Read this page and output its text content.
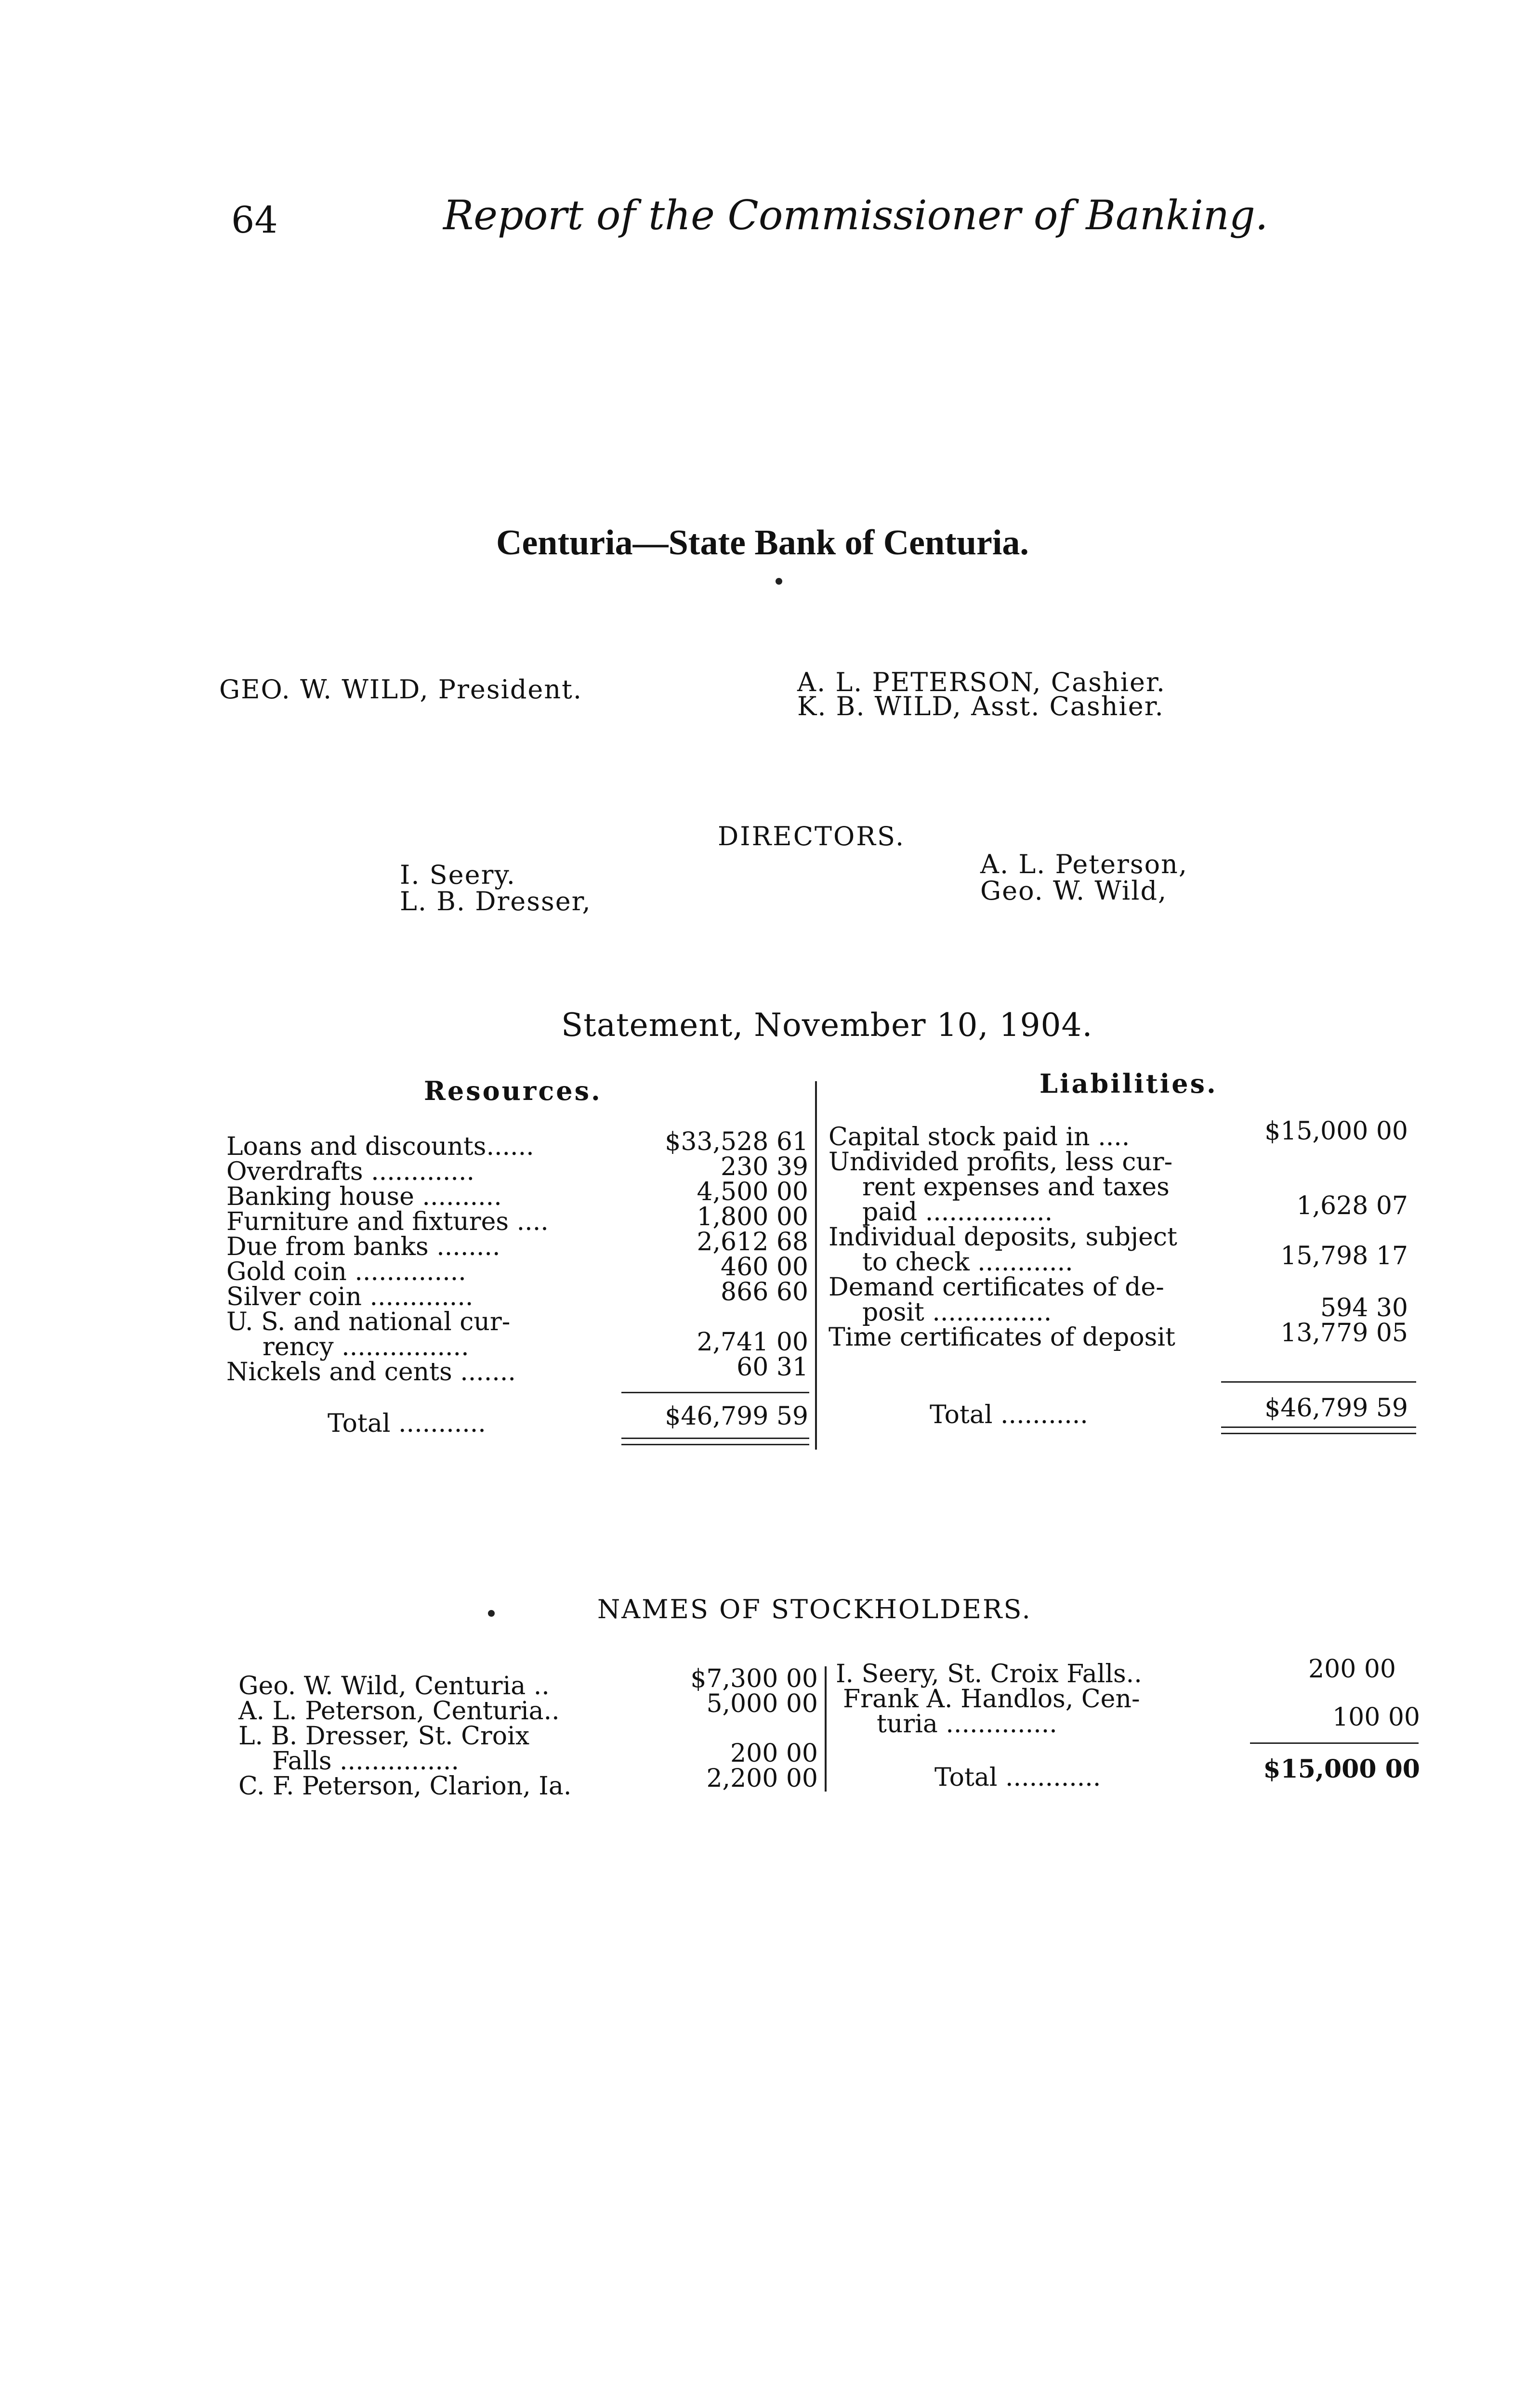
64	Report of the Commissioner of Banking.
Centuria—State Bank of Centuria.
GEO. W. WILD, President.	A. L. PETERSON, Cashier.
K. B. WILD, Asst. Cashier.
DIRECTORS.
I. Seery.
L. B. Dresser,
A. L. Peterson,
Geo. W. Wild,
Statement, November 10, 1904.
Resources.	Liabilities.
Loans and discounts......	$33,528 61
Overdrafts .............	230 39
Banking house ..........	4,500 00
Furniture and fixtures ....	1,800 00
Due from banks ........	2,612 68
Gold coin ..............	460 00
Silver coin .............	866 60
U. S. and national cur-
rency ................	2,741 00
Nickels and cents .......	60 31
Total ...........	$46,799 59
Capital stock paid in ....	$15,000 00
Undivided profits, less cur-
rent expenses and taxes
paid ................	1,628 07
Individual deposits, subject
to check ............	15,798 17
Demand certificates of de-
posit ...............	594 30
Time certificates of deposit	13,779 05
Total ...........	$46,799 59
NAMES OF STOCKHOLDERS.
Geo. W. Wild, Centuria ..	$7,300 00
A. L. Peterson, Centuria..	5,000 00
L. B. Dresser, St. Croix
Falls ...............	200 00
C. F. Peterson, Clarion, Ia.	2,200 00
I. Seery, St. Croix Falls..	200 00
Frank A. Handlos, Cen-
turia ..............	100 00
Total ............	$15,000 00
